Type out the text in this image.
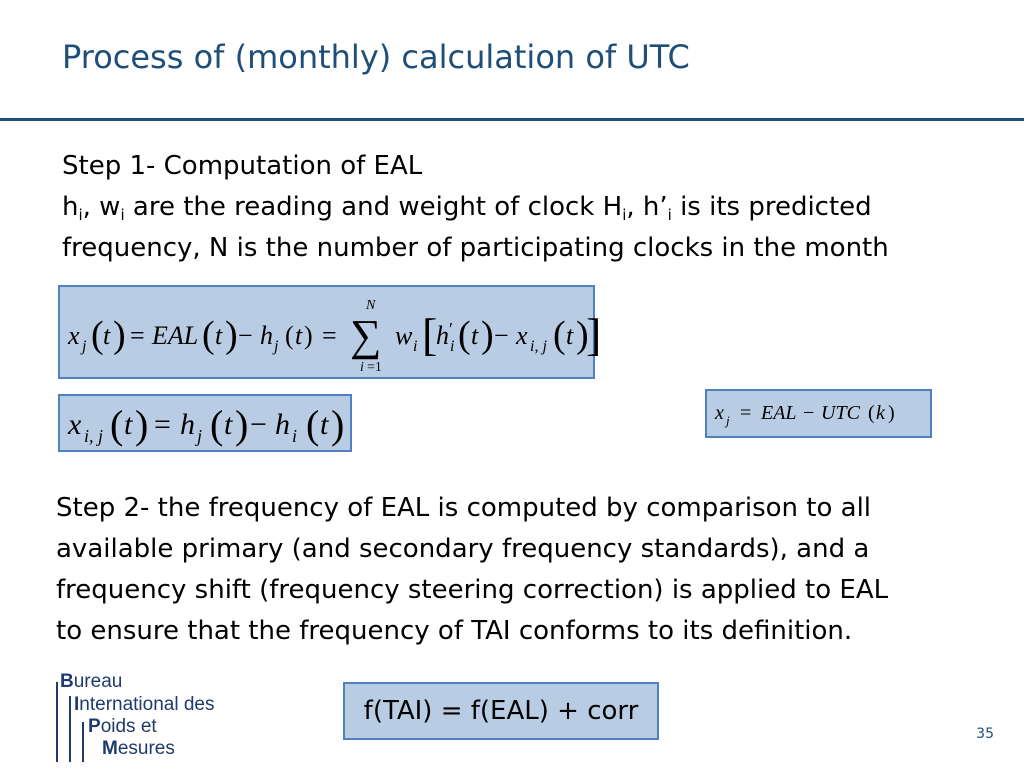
Process of (monthly) calculation of UTC
Step 1- Computation of EAL
$h_i$, $w_i$ are the reading and weight of clock $H_i$, $h’_i$ is its predicted
frequency, N is the number of participating clocks in the month
x j ( t ) = EAL ( t ) − h j ( t ) =
N
∑
i =1
w i [
h ′
i ( t ) − x i, j ( t )
]
x i, j ( t ) = h j ( t ) − h i ( t )	x j = EAL − UTC ( k )
Step 2- the frequency of EAL is computed by comparison to all
available primary (and secondary frequency standards), and a
frequency shift (frequency steering correction) is applied to EAL
to ensure that the frequency of TAI conforms to its definition.
f(TAI) = f(EAL) + corr
Bureau
International des
Poids et
Mesures
35
